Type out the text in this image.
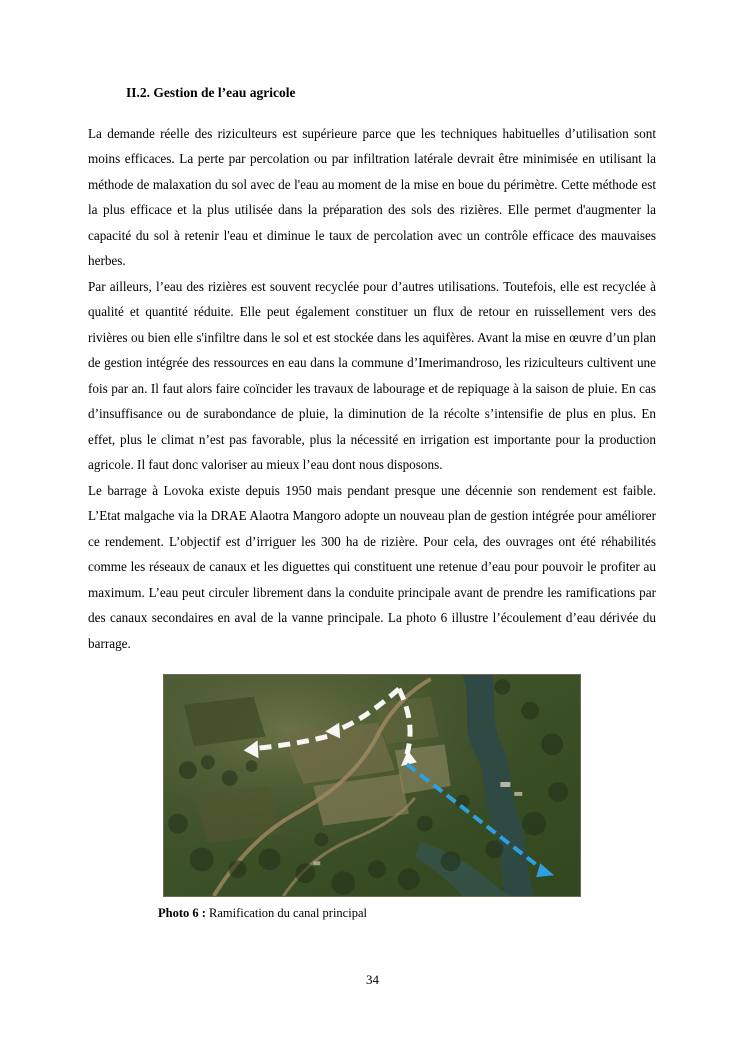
II.2. Gestion de l’eau agricole

La demande réelle des riziculteurs est supérieure parce que les techniques habituelles d’utilisation sont moins efficaces. La perte par percolation ou par infiltration latérale devrait être minimisée en utilisant la méthode de malaxation du sol avec de l'eau au moment de la mise en boue du périmètre. Cette méthode est la plus efficace et la plus utilisée dans la préparation des sols des rizières. Elle permet d'augmenter la capacité du sol à retenir l'eau et diminue le taux de percolation avec un contrôle efficace des mauvaises herbes.

Par ailleurs, l’eau des rizières est souvent recyclée pour d’autres utilisations. Toutefois, elle est recyclée à qualité et quantité réduite. Elle peut également constituer un flux de retour en ruissellement vers des rivières ou bien elle s'infiltre dans le sol et est stockée dans les aquifères. Avant la mise en œuvre d’un plan de gestion intégrée des ressources en eau dans la commune d’Imerimandroso, les riziculteurs cultivent une fois par an. Il faut alors faire coïncider les travaux de labourage et de repiquage à la saison de pluie. En cas d’insuffisance ou de surabondance de pluie, la diminution de la récolte s’intensifie de plus en plus. En effet, plus le climat n’est pas favorable, plus la nécessité en irrigation est importante pour la production agricole. Il faut donc valoriser au mieux l’eau dont nous disposons.

Le barrage à Lovoka existe depuis 1950 mais pendant presque une décennie son rendement est faible. L’Etat malgache via la DRAE Alaotra Mangoro adopte un nouveau plan de gestion intégrée pour améliorer ce rendement. L’objectif est d’irriguer les 300 ha de rizière. Pour cela, des ouvrages ont été réhabilités comme les réseaux de canaux et les diguettes qui constituent une retenue d’eau pour pouvoir le profiter au maximum. L’eau peut circuler librement dans la conduite principale avant de prendre les ramifications par des canaux secondaires en aval de la vanne principale. La photo 6 illustre l’écoulement d’eau dérivée du barrage.

Photo 6 : Ramification du canal principal
34
